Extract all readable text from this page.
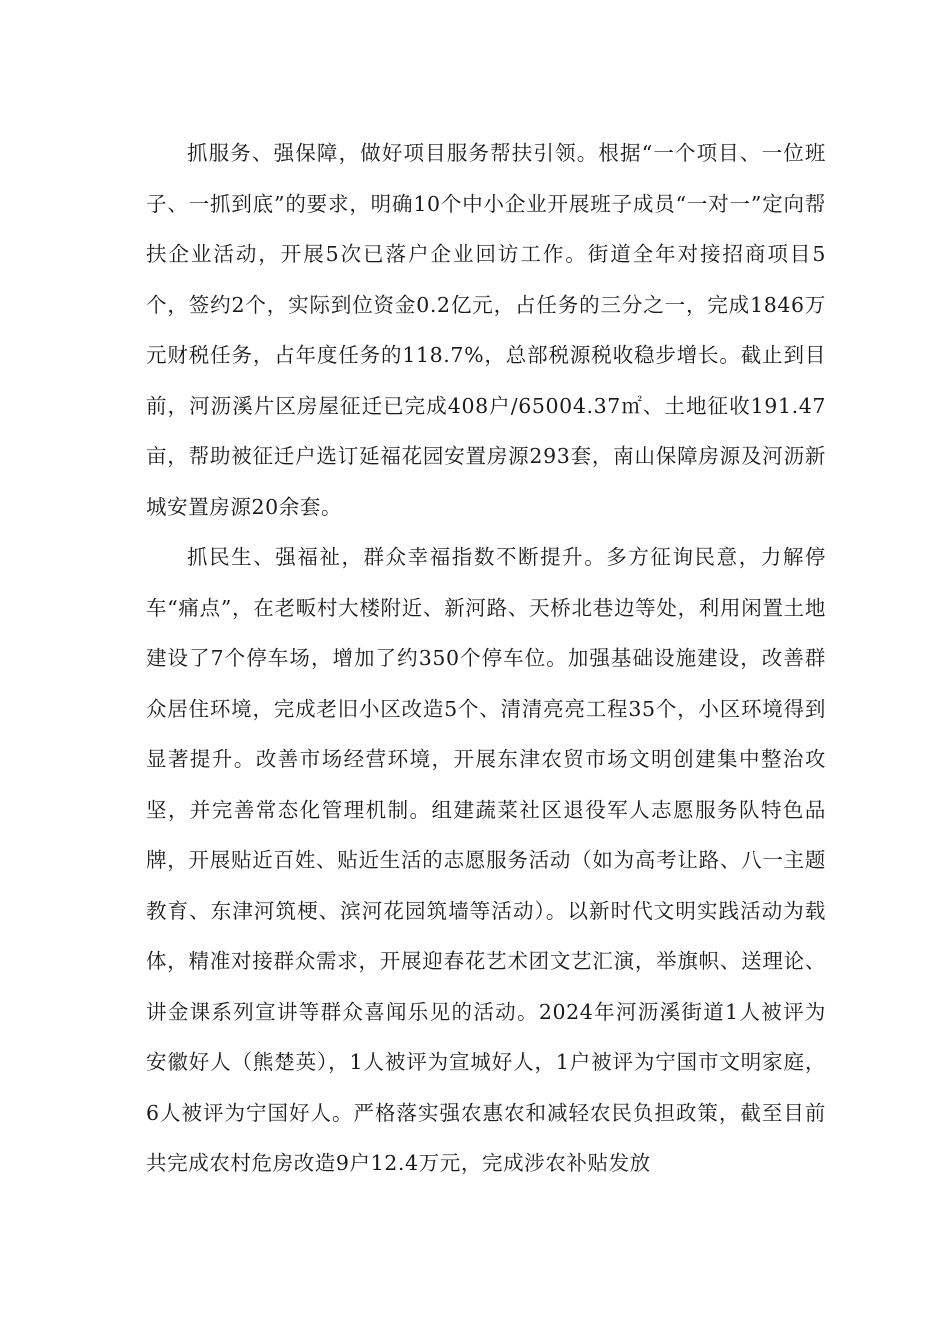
抓服务、强保障，做好项目服务帮扶引领。根据“一个项目、一位班子、一抓到底”的要求，明确10个中小企业开展班子成员“一对一”定向帮扶企业活动，开展5次已落户企业回访工作。街道全年对接招商项目5个，签约2个，实际到位资金0.2亿元，占任务的三分之一，完成1846万元财税任务，占年度任务的118.7%，总部税源税收稳步增长。截止到目前，河沥溪片区房屋征迁已完成408户/65004.37㎡、土地征收191.47亩，帮助被征迁户选订延福花园安置房源293套，南山保障房源及河沥新城安置房源20余套。

抓民生、强福祉，群众幸福指数不断提升。多方征询民意，力解停车“痛点”，在老畈村大楼附近、新河路、天桥北巷边等处，利用闲置土地建设了7个停车场，增加了约350个停车位。加强基础设施建设，改善群众居住环境，完成老旧小区改造5个、清清亮亮工程35个，小区环境得到显著提升。改善市场经营环境，开展东津农贸市场文明创建集中整治攻坚，并完善常态化管理机制。组建蔬菜社区退役军人志愿服务队特色品牌，开展贴近百姓、贴近生活的志愿服务活动（如为高考让路、八一主题教育、东津河筑梗、滨河花园筑墙等活动）。以新时代文明实践活动为载体，精准对接群众需求，开展迎春花艺术团文艺汇演，举旗帜、送理论、讲金课系列宣讲等群众喜闻乐见的活动。2024年河沥溪街道1人被评为安徽好人（熊楚英），1人被评为宣城好人，1户被评为宁国市文明家庭，6人被评为宁国好人。严格落实强农惠农和减轻农民负担政策，截至目前共完成农村危房改造9户12.4万元，完成涉农补贴发放
